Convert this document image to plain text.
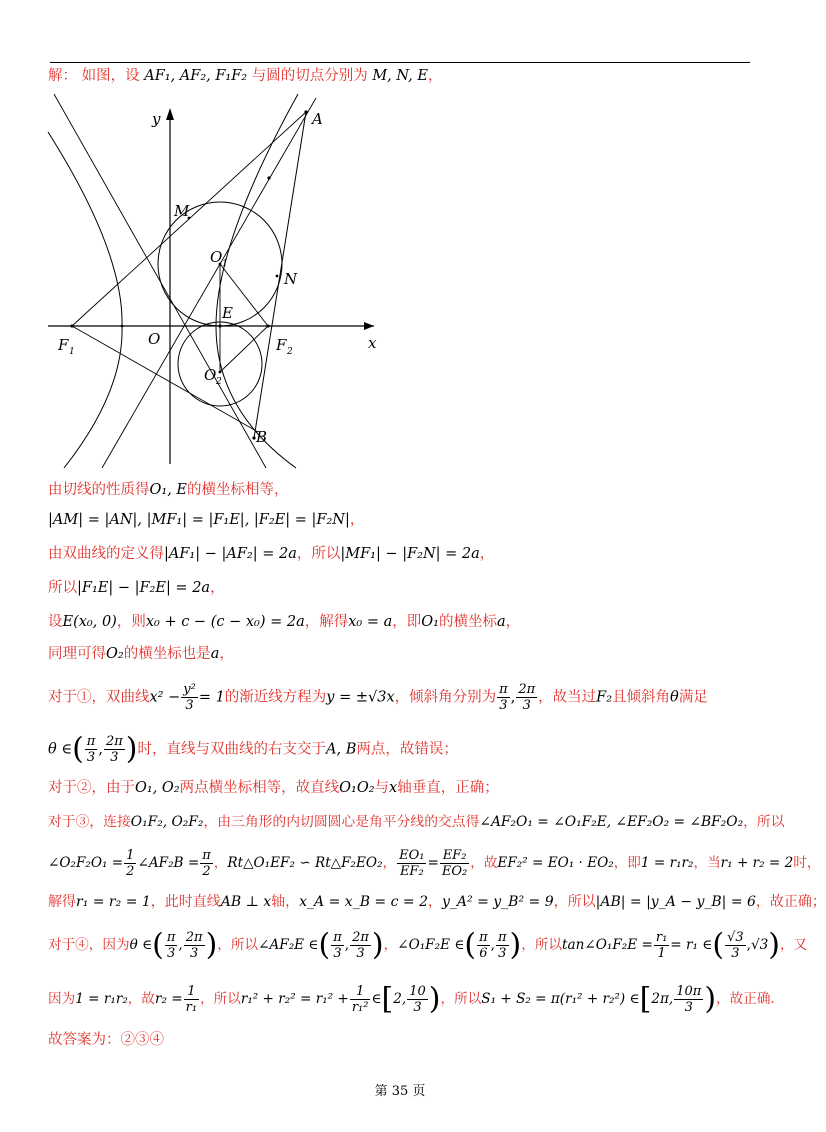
解： 如图，设 AF₁, AF₂, F₁F₂ 与圆的切点分别为 M, N, E，
y
x
A
M
O 1
N
E
F 1
O	F 2
O 2
B
由切线的性质得O₁, E的横坐标相等，
|AM| = |AN|, |MF₁| = |F₁E|, |F₂E| = |F₂N|，
由双曲线的定义得|AF₁| − |AF₂| = 2a，所以|MF₁| − |F₂N| = 2a，
所以|F₁E| − |F₂E| = 2a，
设E(x₀, 0)，则x₀ + c − (c − x₀) = 2a，解得x₀ = a，即O₁的横坐标a，
同理可得O₂的横坐标也是a，
对于①，双曲线$x^2 - \frac{\text{y²}}{3} = 1$的渐近线方程为y = ±√3x，倾斜角分别为 $\frac{\pi}{3}$ , $\frac{2\pi}{3}$ ，故当过F₂且倾斜角θ满足
θ ∈( $\frac{\pi}{3}$ , $\frac{2\pi}{3}$ )时，直线与双曲线的右支交于A, B两点，故错误；
对于②，由于O₁, O₂两点横坐标相等，故直线O₁O₂与x轴垂直，正确；
对于③，连接O₁F₂, O₂F₂，由三角形的内切圆圆心是角平分线的交点得∠AF₂O₁ = ∠O₁F₂E, ∠EF₂O₂ = ∠BF₂O₂，所以
∠O₂F₂O₁ = $\frac{1}{2}$ ∠AF₂B = $\frac{\pi}{2}$ ，Rt△O₁EF₂ ∽ Rt△F₂EO₂， $\frac{\text{EO₁}}{\text{EF₂}} = \frac{\text{EF₂}}{\text{EO₂}}$ ，故EF₂² = EO₁ · EO₂，即1 = r₁r₂，当r₁ + r₂ = 2时，
解得r₁ = r₂ = 1，此时直线AB ⊥ x轴，x_A = x_B = c = 2，y_A² = y_B² = 9，所以|AB| = |y_A − y_B| = 6，故正确；
对于④，因为θ ∈( $\frac{\pi}{3}$ , $\frac{2\pi}{3}$ )，所以∠AF₂E ∈( $\frac{\pi}{3}$ , $\frac{2\pi}{3}$ )，∠O₁F₂E ∈( $\frac{\pi}{6}$ , $\frac{\pi}{3}$ )，所以tan∠O₁F₂E = $\frac{\text{r₁}}{1} = r_1$ ∈( $\frac{√3}{3} ,√3$)，又
因为1 = r₁r₂，故$r_2 = \frac{1}{\text{r₁}}$ ，所以$r_1^2 + r_2^2 = r_1^2 + \frac{1}{\text{r₁²}}$ ∈[2, $\frac{10}{3}$ )，所以S₁ + S₂ = π(r₁² + r₂²) ∈[2π, $\frac{10\pi}{3}$ )，故正确.
故答案为：②③④
第 35 页
